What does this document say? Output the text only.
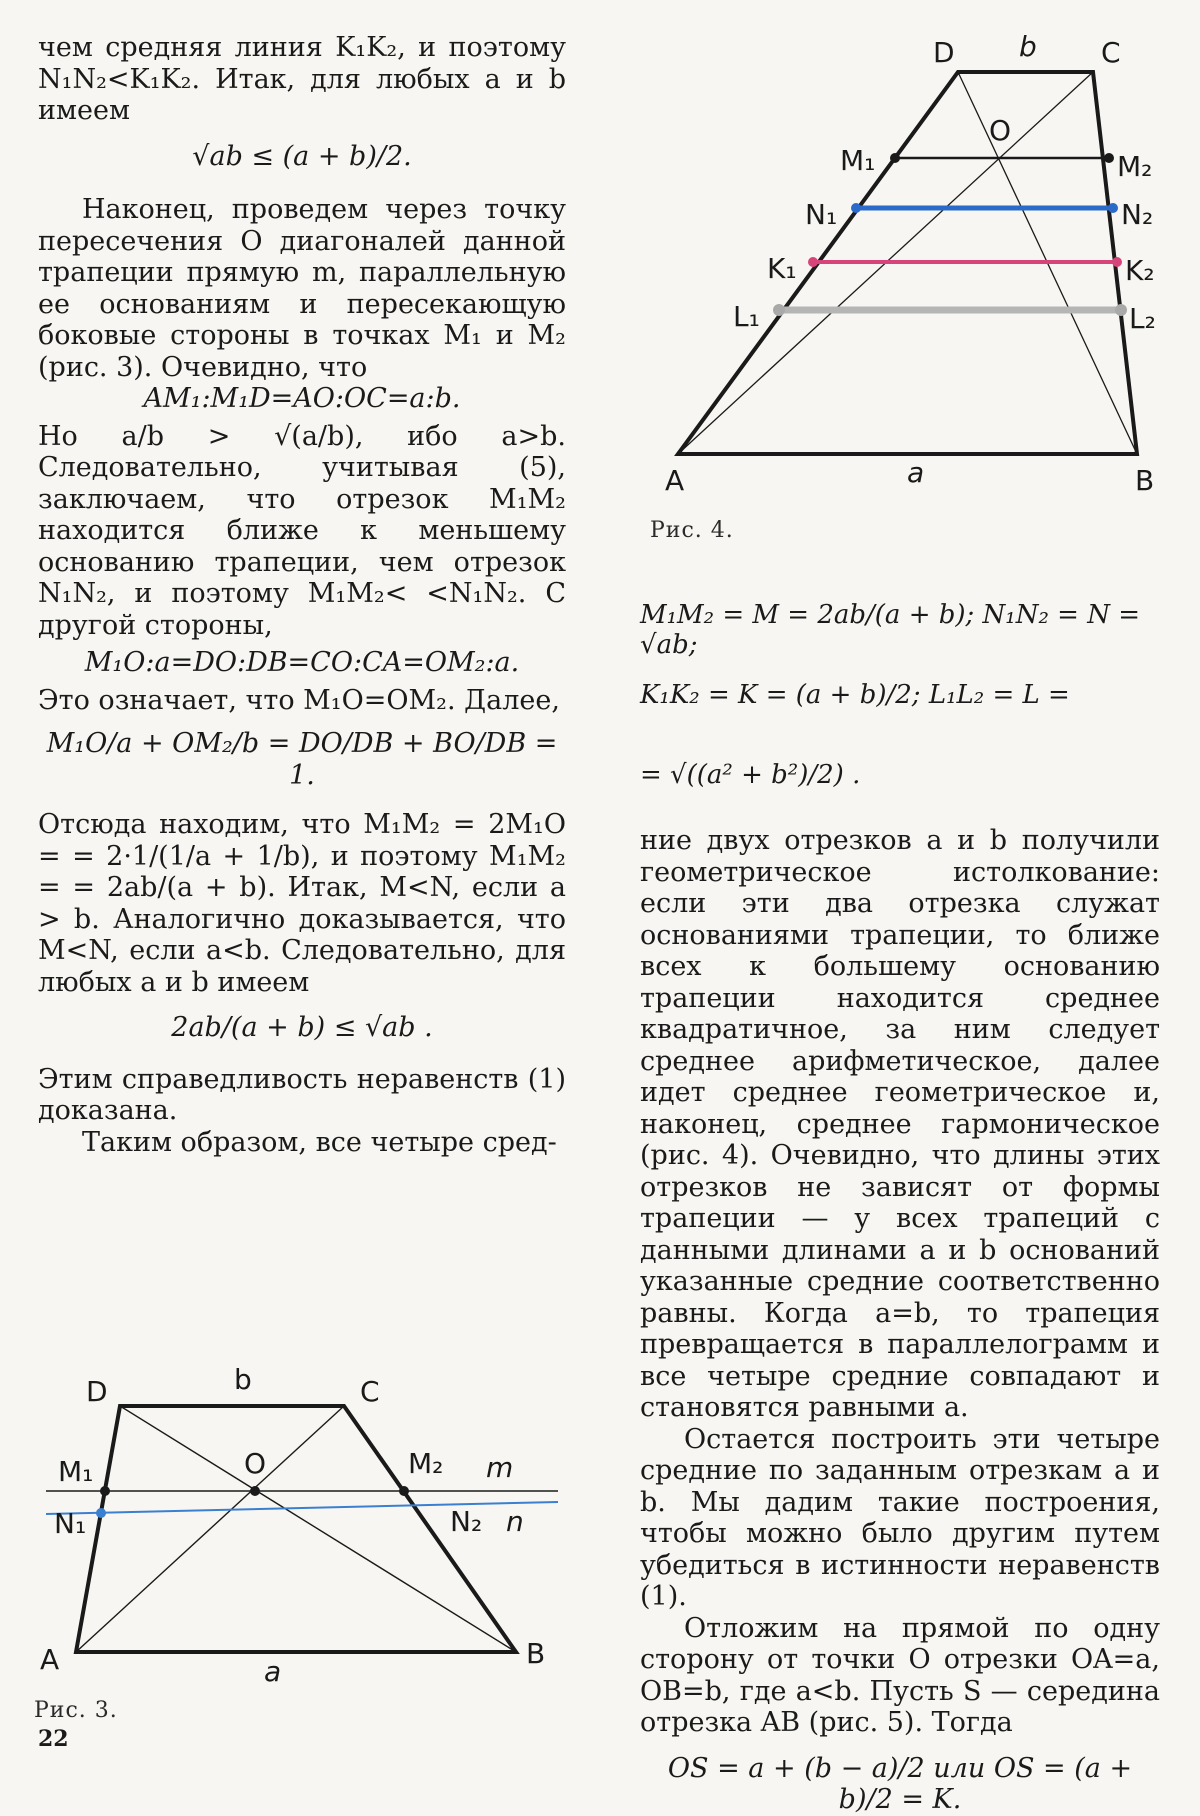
чем средняя линия K₁K₂, и поэтому N₁N₂<K₁K₂. Итак, для любых a и b имеем

√ab ≤ (a + b)/2.

Наконец, проведем через точку пересечения O диагоналей данной трапеции прямую m, параллельную ее основаниям и пересекающую боковые стороны в точках M₁ и M₂ (рис. 3). Очевидно, что

AM₁:M₁D=AO:OC=a:b.

Но a/b > √(a/b), ибо a>b. Следовательно, учитывая (5), заключаем, что отрезок M₁M₂ находится ближе к меньшему основанию трапеции, чем отрезок N₁N₂, и поэтому M₁M₂< <N₁N₂. С другой стороны,

M₁O:a=DO:DB=CO:CA=OM₂:a.

Это означает, что M₁O=OM₂. Далее,

M₁O/a + OM₂/b = DO/DB + BO/DB = 1.

Отсюда находим, что M₁M₂ = 2M₁O = = 2·1/(1/a + 1/b), и поэтому M₁M₂ = = 2ab/(a + b). Итак, M<N, если a > b. Аналогично доказывается, что M<N, если a<b. Следовательно, для любых a и b имеем

2ab/(a + b) ≤ √ab .

Этим справедливость неравенств (1) доказана.

Таким образом, все четыре сред-

D	b	C
M₁	O	M₂ m
N₁	N₂ n
A	a
B
Рис. 3.
22
D b C
O
M₁	M₂
N₁	N₂
K₁	K₂
L₁	L₂
A	a	B
Рис. 4.
M₁M₂ = M = 2ab/(a + b); N₁N₂ = N = √ab;
K₁K₂ = K = (a + b)/2; L₁L₂ = L =
= √((a² + b²)/2) .

ние двух отрезков a и b получили геометрическое истолкование: если эти два отрезка служат основаниями трапеции, то ближе всех к большему основанию трапеции находится среднее квадратичное, за ним следует среднее арифметическое, далее идет среднее геометрическое и, наконец, среднее гармоническое (рис. 4). Очевидно, что длины этих отрезков не зависят от формы трапеции — у всех трапеций с данными длинами a и b оснований указанные средние соответственно равны. Когда a=b, то трапеция превращается в параллелограмм и все четыре средние совпадают и становятся равными a.

Остается построить эти четыре средние по заданным отрезкам a и b. Мы дадим такие построения, чтобы можно было другим путем убедиться в истинности неравенств (1).

Отложим на прямой по одну сторону от точки O отрезки OA=a, OB=b, где a<b. Пусть S — середина отрезка AB (рис. 5). Тогда

OS = a + (b − a)/2 или OS = (a + b)/2 = K.
